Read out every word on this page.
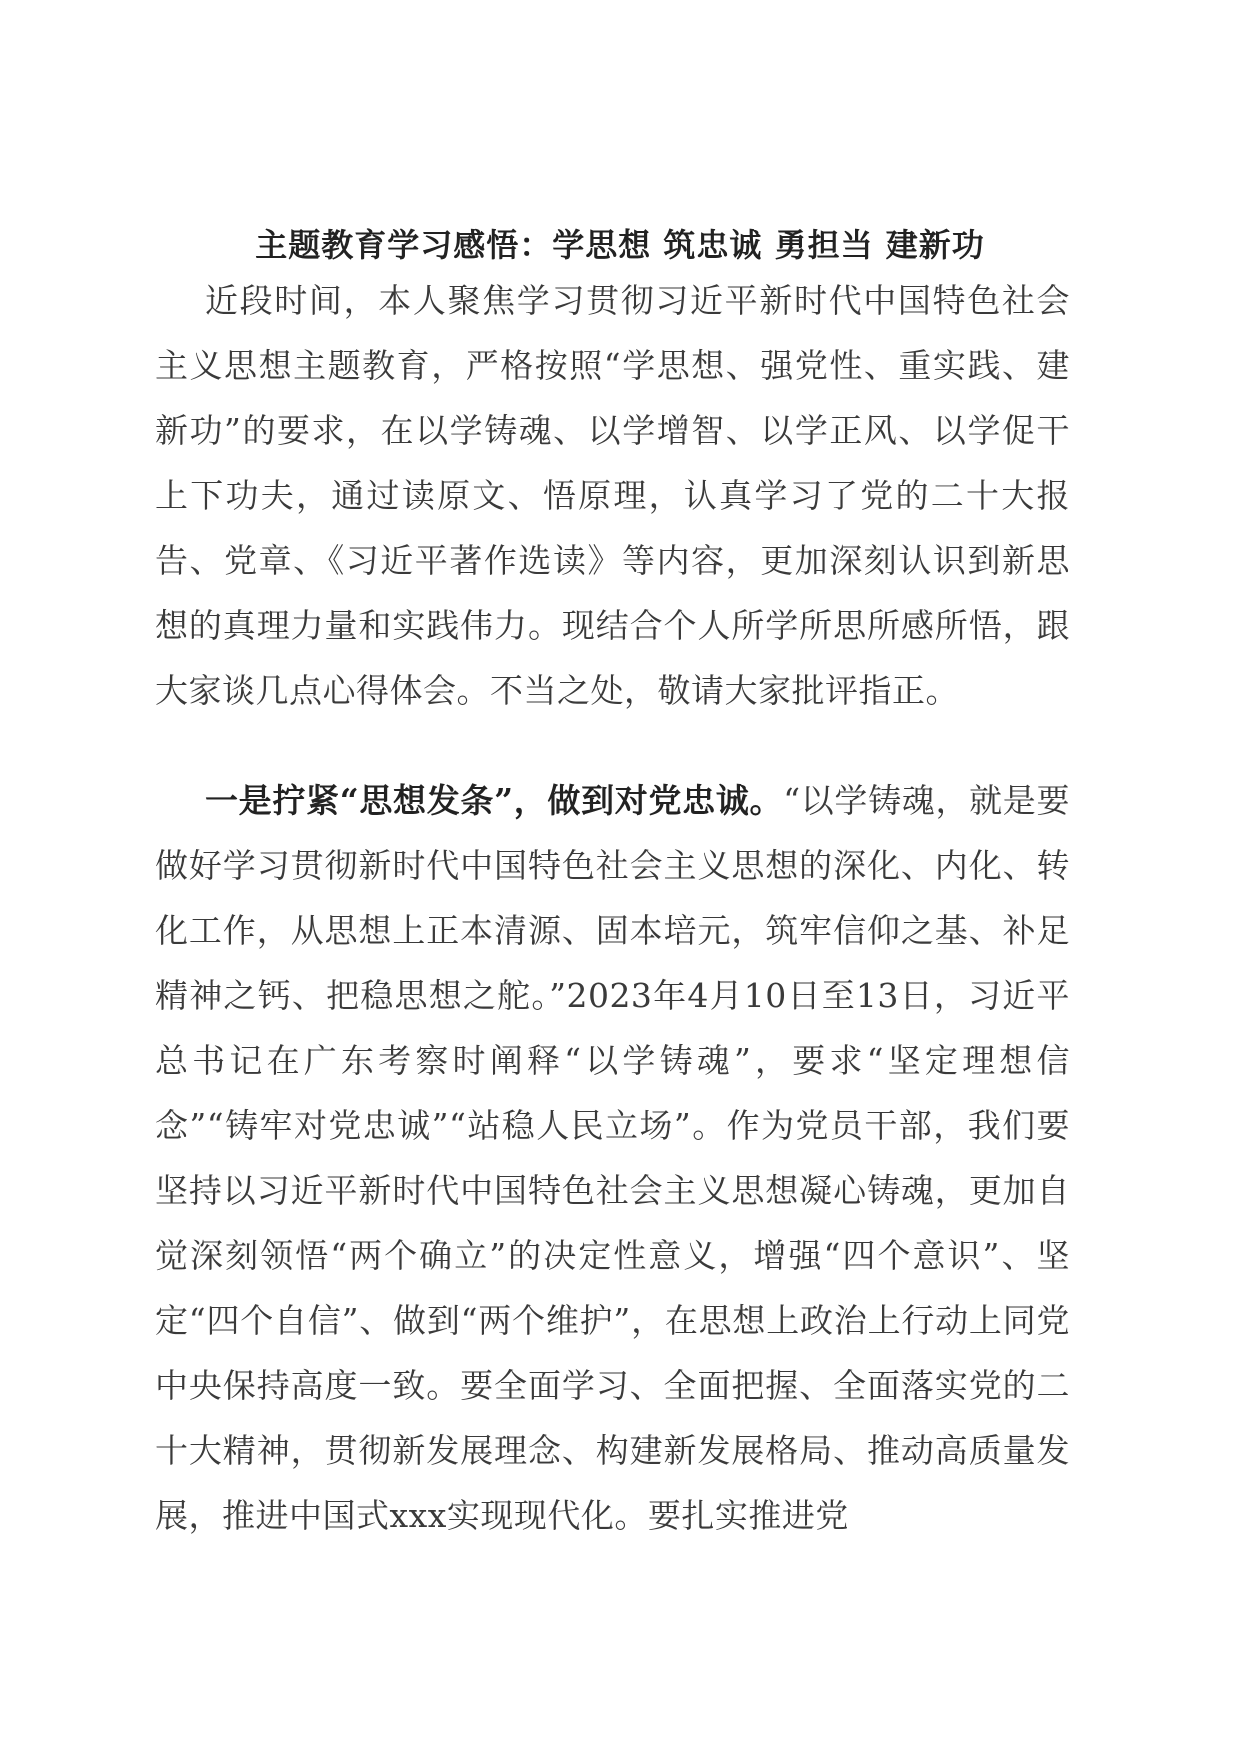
主题教育学习感悟：学思想 筑忠诚 勇担当 建新功

近段时间，本人聚焦学习贯彻习近平新时代中国特色社会主义思想主题教育，严格按照“学思想、强党性、重实践、建新功”的要求，在以学铸魂、以学增智、以学正风、以学促干上下功夫，通过读原文、悟原理，认真学习了党的二十大报告、党章、《习近平著作选读》等内容，更加深刻认识到新思想的真理力量和实践伟力。现结合个人所学所思所感所悟，跟大家谈几点心得体会。不当之处，敬请大家批评指正。

一是拧紧“思想发条”，做到对党忠诚。“以学铸魂，就是要做好学习贯彻新时代中国特色社会主义思想的深化、内化、转化工作，从思想上正本清源、固本培元，筑牢信仰之基、补足精神之钙、把稳思想之舵。”2023年4月10日至13日，习近平总书记在广东考察时阐释“以学铸魂”，要求“坚定理想信念”“铸牢对党忠诚”“站稳人民立场”。作为党员干部，我们要坚持以习近平新时代中国特色社会主义思想凝心铸魂，更加自觉深刻领悟“两个确立”的决定性意义，增强“四个意识”、坚定“四个自信”、做到“两个维护”，在思想上政治上行动上同党中央保持高度一致。要全面学习、全面把握、全面落实党的二十大精神，贯彻新发展理念、构建新发展格局、推动高质量发展，推进中国式xxx实现现代化。要扎实推进党
